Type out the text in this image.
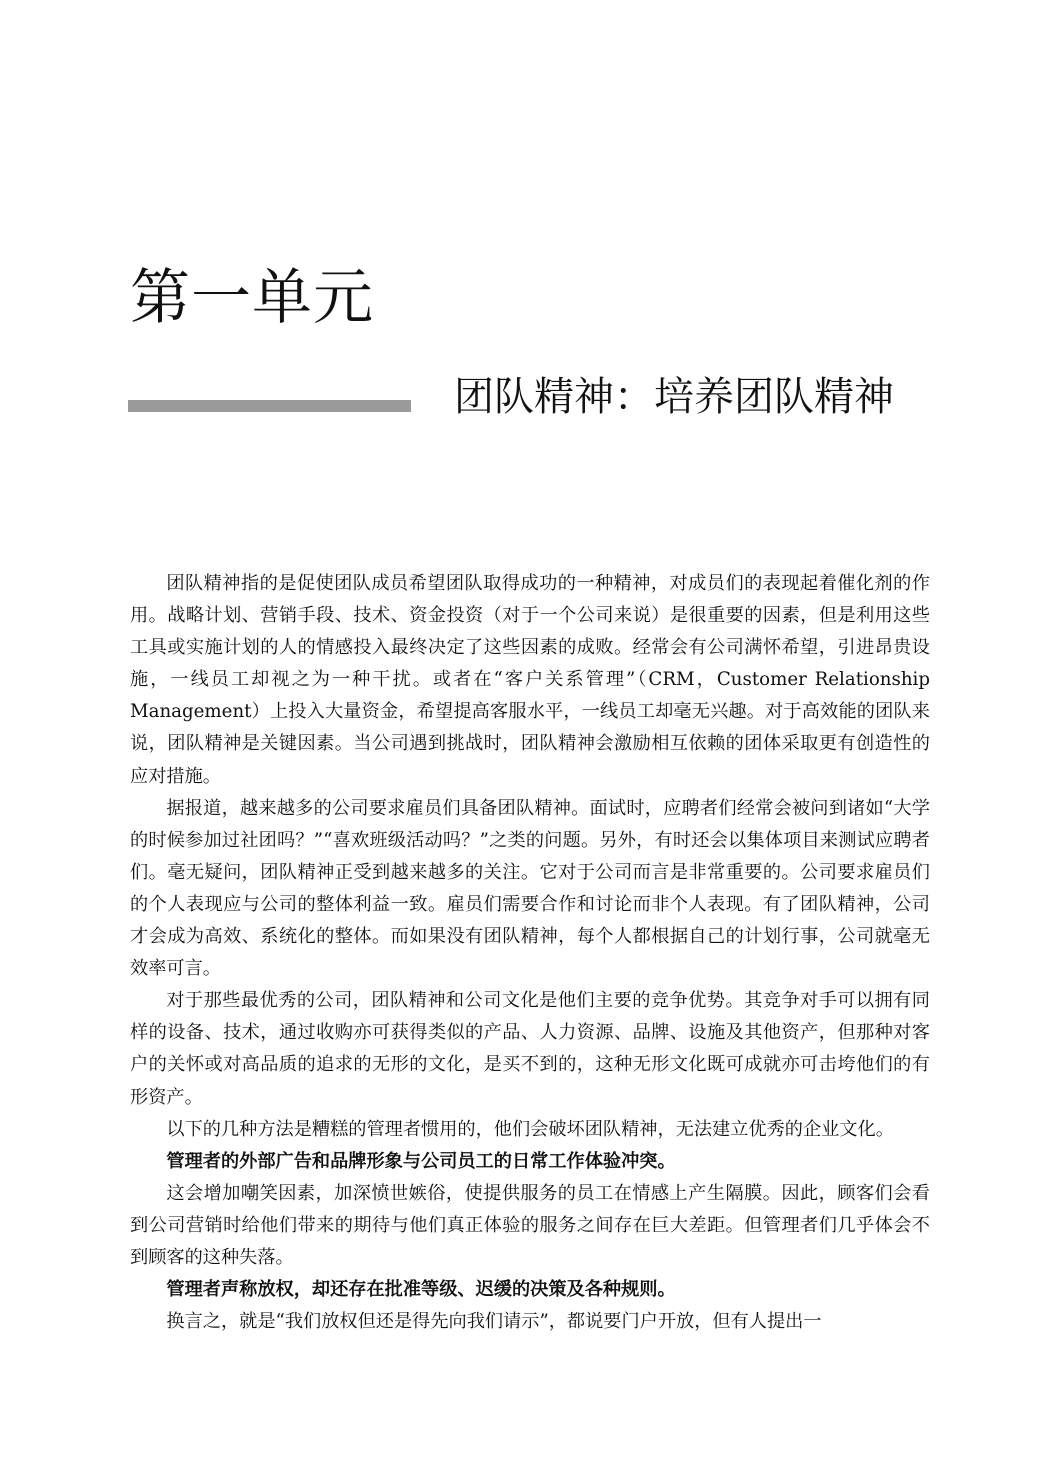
第一单元
团队精神：培养团队精神

团队精神指的是促使团队成员希望团队取得成功的一种精神，对成员们的表现起着催化剂的作用。战略计划、营销手段、技术、资金投资（对于一个公司来说）是很重要的因素，但是利用这些工具或实施计划的人的情感投入最终决定了这些因素的成败。经常会有公司满怀希望，引进昂贵设施，一线员工却视之为一种干扰。或者在“客户关系管理”（CRM，Customer Relationship Management）上投入大量资金，希望提高客服水平，一线员工却毫无兴趣。对于高效能的团队来说，团队精神是关键因素。当公司遇到挑战时，团队精神会激励相互依赖的团体采取更有创造性的应对措施。

据报道，越来越多的公司要求雇员们具备团队精神。面试时，应聘者们经常会被问到诸如“大学的时候参加过社团吗？”“喜欢班级活动吗？”之类的问题。另外，有时还会以集体项目来测试应聘者们。毫无疑问，团队精神正受到越来越多的关注。它对于公司而言是非常重要的。公司要求雇员们的个人表现应与公司的整体利益一致。雇员们需要合作和讨论而非个人表现。有了团队精神，公司才会成为高效、系统化的整体。而如果没有团队精神，每个人都根据自己的计划行事，公司就毫无效率可言。

对于那些最优秀的公司，团队精神和公司文化是他们主要的竞争优势。其竞争对手可以拥有同样的设备、技术，通过收购亦可获得类似的产品、人力资源、品牌、设施及其他资产，但那种对客户的关怀或对高品质的追求的无形的文化，是买不到的，这种无形文化既可成就亦可击垮他们的有形资产。

以下的几种方法是糟糕的管理者惯用的，他们会破坏团队精神，无法建立优秀的企业文化。

管理者的外部广告和品牌形象与公司员工的日常工作体验冲突。

这会增加嘲笑因素，加深愤世嫉俗，使提供服务的员工在情感上产生隔膜。因此，顾客们会看到公司营销时给他们带来的期待与他们真正体验的服务之间存在巨大差距。但管理者们几乎体会不到顾客的这种失落。

管理者声称放权，却还存在批准等级、迟缓的决策及各种规则。

换言之，就是“我们放权但还是得先向我们请示”，都说要门户开放，但有人提出一
